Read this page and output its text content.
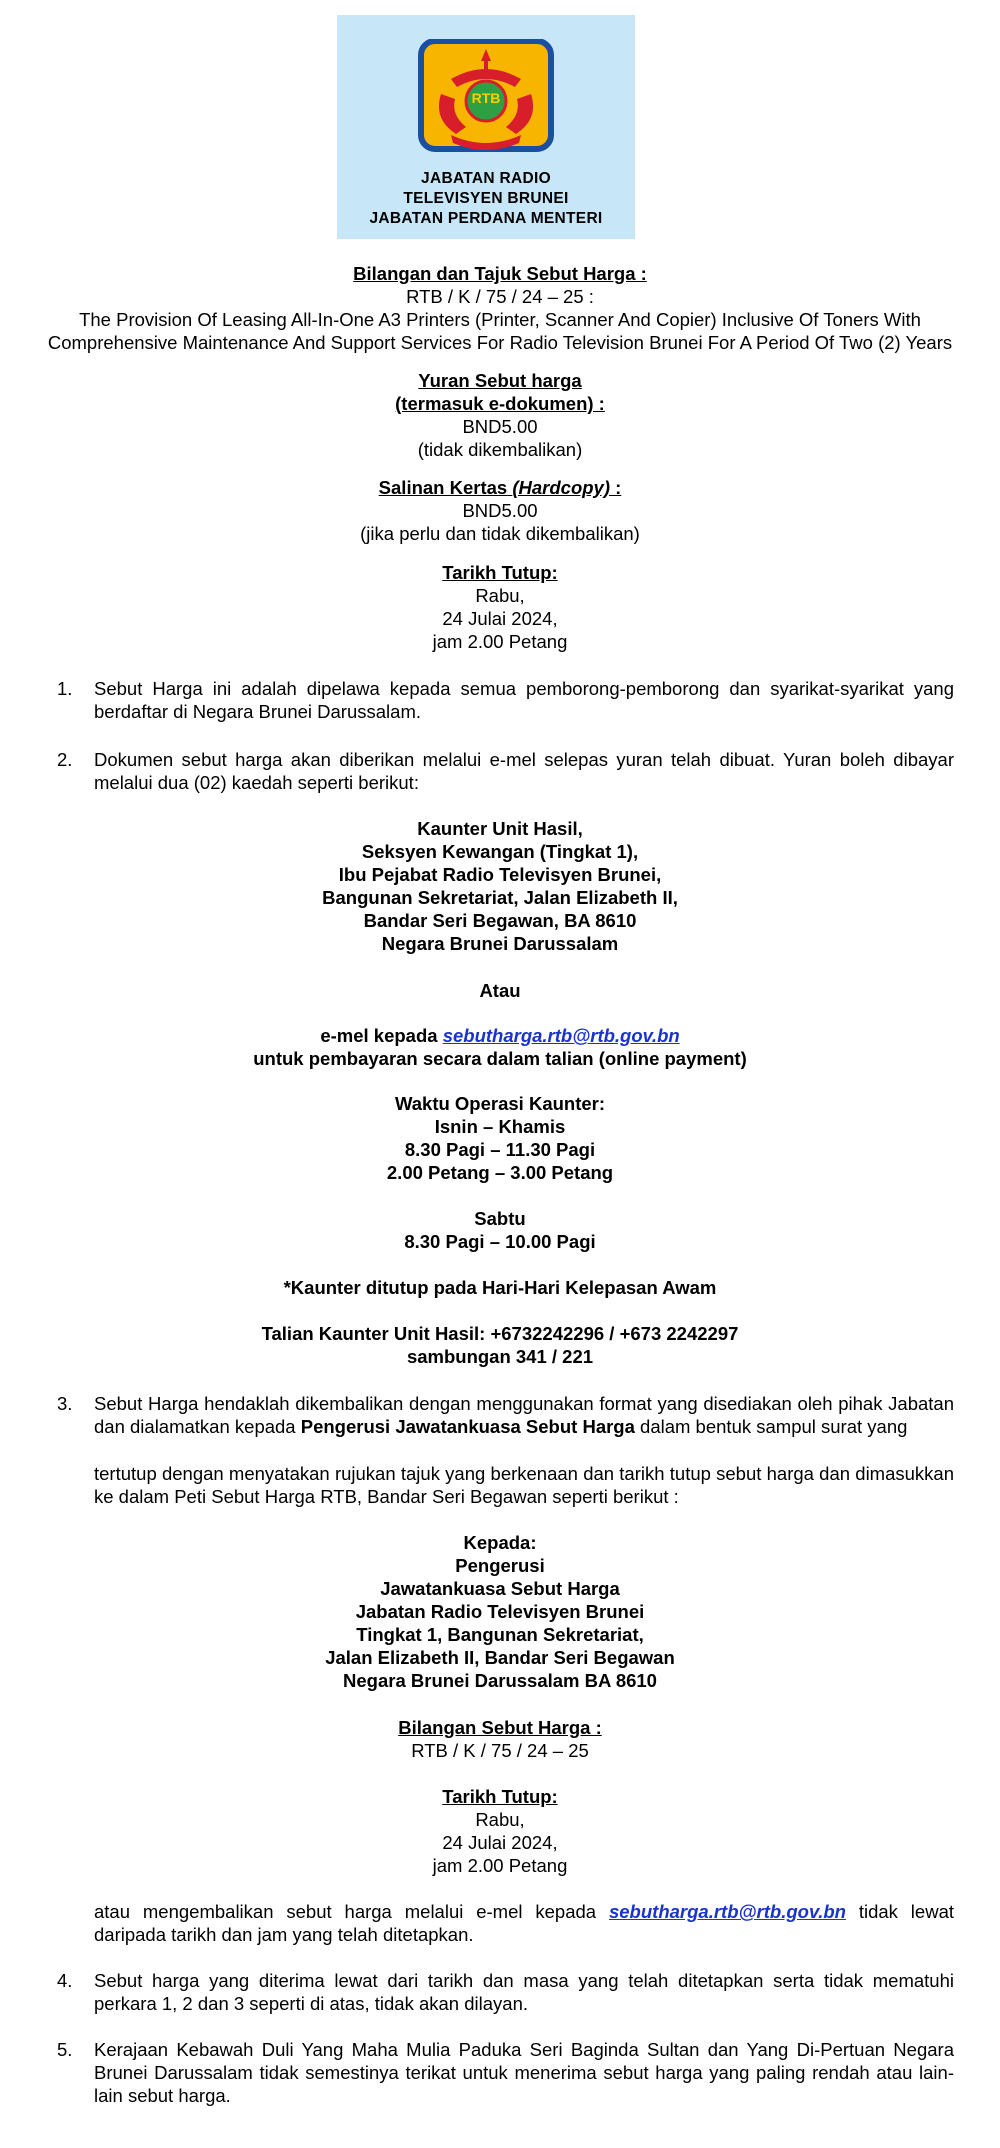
RTB
JABATAN RADIO
TELEVISYEN BRUNEI
JABATAN PERDANA MENTERI
Bilangan dan Tajuk Sebut Harga :
RTB / K / 75 / 24 – 25 :
The Provision Of Leasing All-In-One A3 Printers (Printer, Scanner And Copier) Inclusive Of Toners With
Comprehensive Maintenance And Support Services For Radio Television Brunei For A Period Of Two (2) Years
Yuran Sebut harga
(termasuk e-dokumen) :
BND5.00
(tidak dikembalikan)
Salinan Kertas (Hardcopy) :
BND5.00
(jika perlu dan tidak dikembalikan)
Tarikh Tutup:
Rabu,
24 Julai 2024,
jam 2.00 Petang
1. Sebut Harga ini adalah dipelawa kepada semua pemborong-pemborong dan syarikat-syarikat yang berdaftar di Negara Brunei Darussalam.
2. Dokumen sebut harga akan diberikan melalui e-mel selepas yuran telah dibuat. Yuran boleh dibayar melalui dua (02) kaedah seperti berikut:
Kaunter Unit Hasil,
Seksyen Kewangan (Tingkat 1),
Ibu Pejabat Radio Televisyen Brunei,
Bangunan Sekretariat, Jalan Elizabeth II,
Bandar Seri Begawan, BA 8610
Negara Brunei Darussalam
Atau
e-mel kepada sebutharga.rtb@rtb.gov.bn
untuk pembayaran secara dalam talian (online payment)
Waktu Operasi Kaunter:
Isnin – Khamis
8.30 Pagi – 11.30 Pagi
2.00 Petang – 3.00 Petang
Sabtu
8.30 Pagi – 10.00 Pagi
*Kaunter ditutup pada Hari-Hari Kelepasan Awam
Talian Kaunter Unit Hasil: +6732242296 / +673 2242297
sambungan 341 / 221
3. Sebut Harga hendaklah dikembalikan dengan menggunakan format yang disediakan oleh pihak Jabatan dan dialamatkan kepada Pengerusi Jawatankuasa Sebut Harga dalam bentuk sampul surat yang
tertutup dengan menyatakan rujukan tajuk yang berkenaan dan tarikh tutup sebut harga dan dimasukkan ke dalam Peti Sebut Harga RTB, Bandar Seri Begawan seperti berikut :
Kepada:
Pengerusi
Jawatankuasa Sebut Harga
Jabatan Radio Televisyen Brunei
Tingkat 1, Bangunan Sekretariat,
Jalan Elizabeth II, Bandar Seri Begawan
Negara Brunei Darussalam BA 8610
Bilangan Sebut Harga :
RTB / K / 75 / 24 – 25
Tarikh Tutup:
Rabu,
24 Julai 2024,
jam 2.00 Petang
atau mengembalikan sebut harga melalui e-mel kepada sebutharga.rtb@rtb.gov.bn tidak lewat daripada tarikh dan jam yang telah ditetapkan.
4. Sebut harga yang diterima lewat dari tarikh dan masa yang telah ditetapkan serta tidak mematuhi perkara 1, 2 dan 3 seperti di atas, tidak akan dilayan.
5. Kerajaan Kebawah Duli Yang Maha Mulia Paduka Seri Baginda Sultan dan Yang Di-Pertuan Negara Brunei Darussalam tidak semestinya terikat untuk menerima sebut harga yang paling rendah atau lain-lain sebut harga.
